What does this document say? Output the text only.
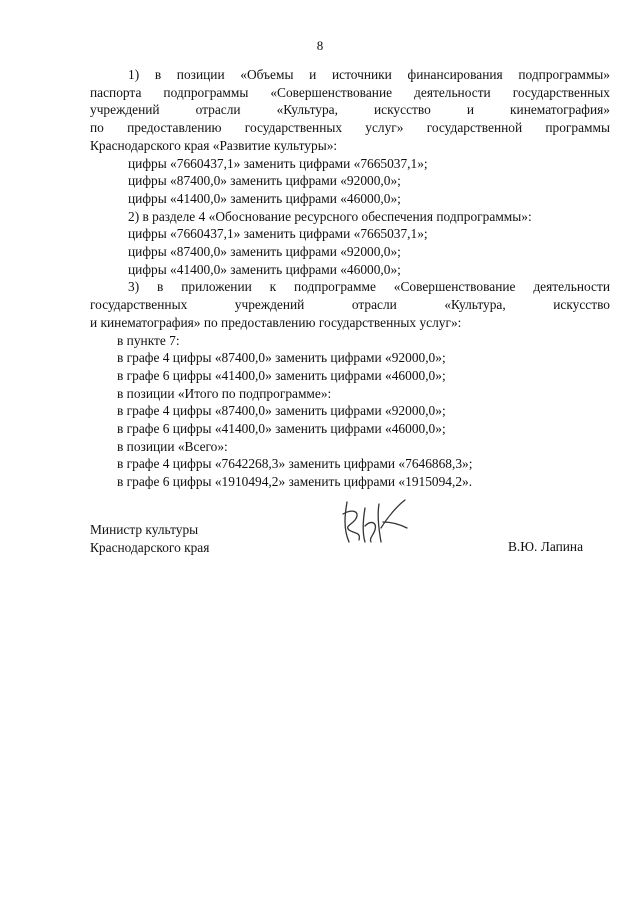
8
1) в позиции «Объемы и источники финансирования подпрограммы»
паспорта подпрограммы «Совершенствование деятельности государственных
учреждений отрасли «Культура, искусство и кинематография»
по предоставлению государственных услуг» государственной программы
Краснодарского края «Развитие культуры»:
цифры «7660437,1» заменить цифрами «7665037,1»;
цифры «87400,0» заменить цифрами «92000,0»;
цифры «41400,0» заменить цифрами «46000,0»;
2) в разделе 4 «Обоснование ресурсного обеспечения подпрограммы»:
цифры «7660437,1» заменить цифрами «7665037,1»;
цифры «87400,0» заменить цифрами «92000,0»;
цифры «41400,0» заменить цифрами «46000,0»;
3) в приложении к подпрограмме «Совершенствование деятельности
государственных учреждений отрасли «Культура, искусство
и кинематография» по предоставлению государственных услуг»:
в пункте 7:
в графе 4 цифры «87400,0» заменить цифрами «92000,0»;
в графе 6 цифры «41400,0» заменить цифрами «46000,0»;
в позиции «Итого по подпрограмме»:
в графе 4 цифры «87400,0» заменить цифрами «92000,0»;
в графе 6 цифры «41400,0» заменить цифрами «46000,0»;
в позиции «Всего»:
в графе 4 цифры «7642268,3» заменить цифрами «7646868,3»;
в графе 6 цифры «1910494,2» заменить цифрами «1915094,2».
Министр культуры
Краснодарского края	В.Ю. Лапина
